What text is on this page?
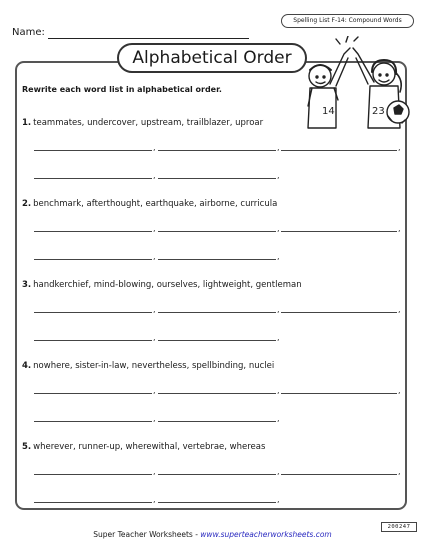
Name:
Spelling List F-14: Compound Words
Alphabetical Order
14	23
Rewrite each word list in alphabetical order.
1. teammates, undercover, upstream, trailblazer, uproar
,	,	,
,	,
2. benchmark, afterthought, earthquake, airborne, curricula
,	,	,
,	,
3. handkerchief, mind-blowing, ourselves, lightweight, gentleman
,	,	,
,	,
4. nowhere, sister-in-law, nevertheless, spellbinding, nuclei
,	,	,
,	,
5. wherever, runner-up, wherewithal, vertebrae, whereas
,	,	,
,	,
Super Teacher Worksheets - www.superteacherworksheets.com
200247
